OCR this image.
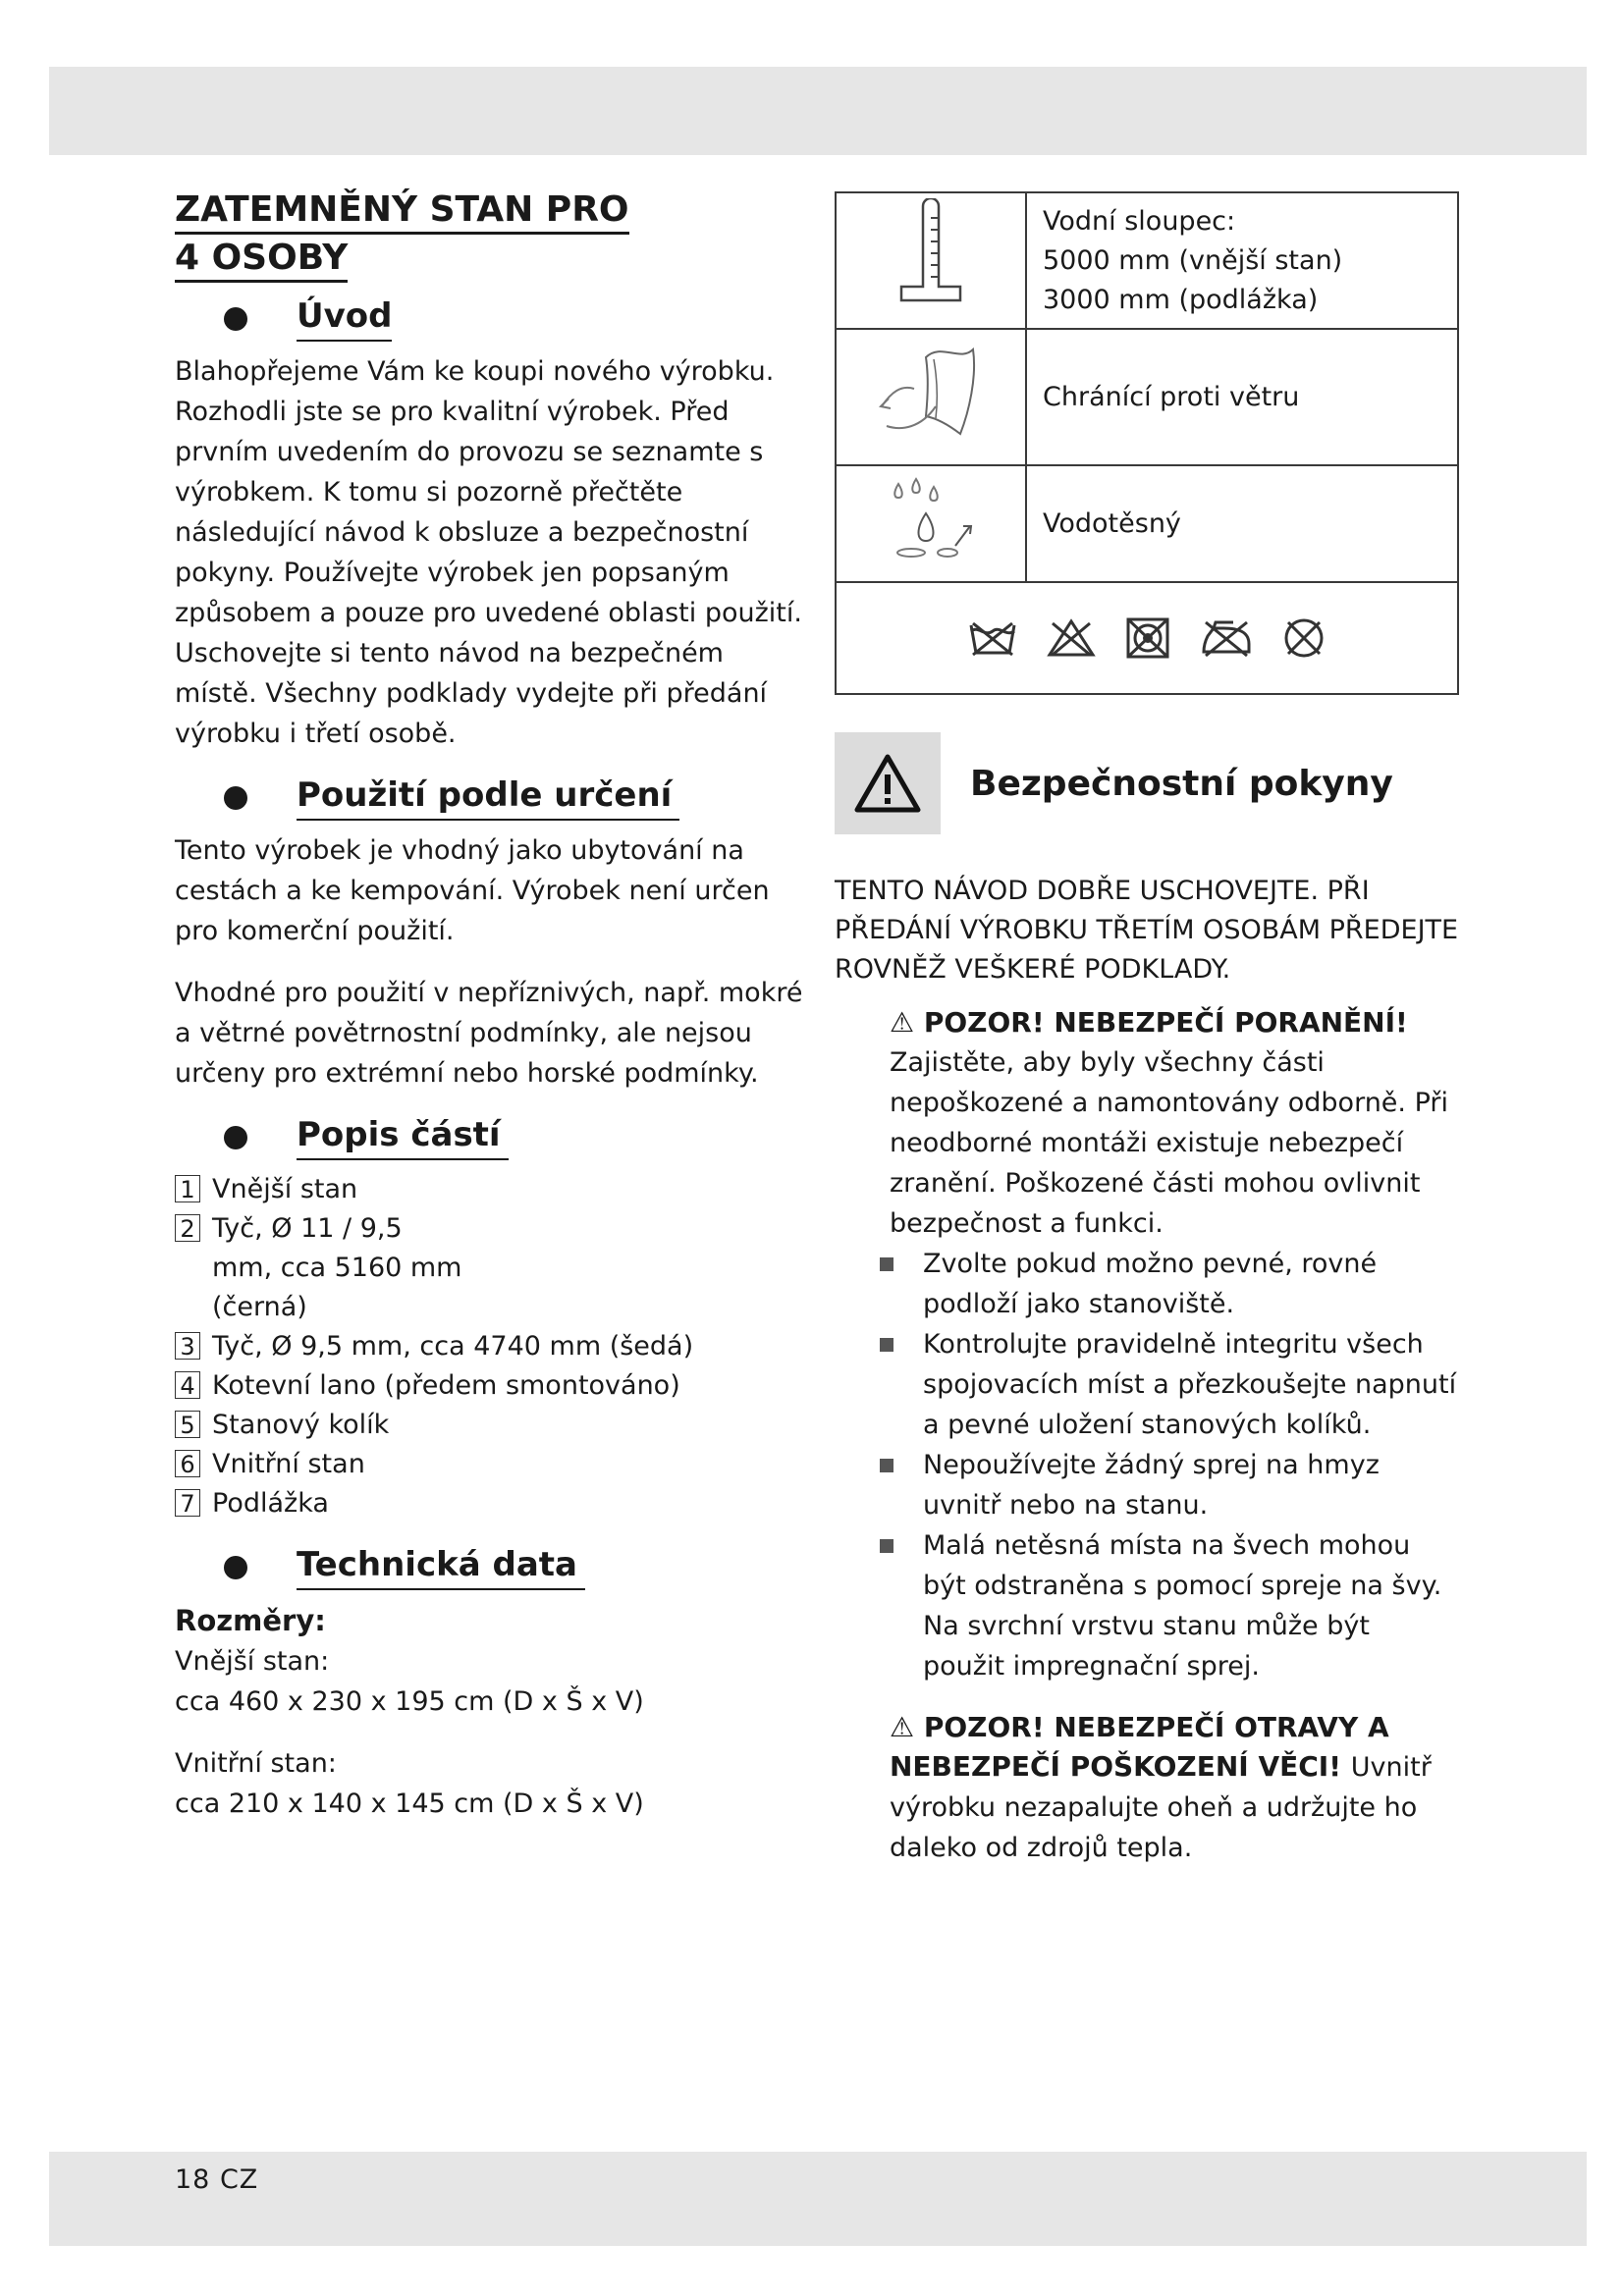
ZATEMNĚNÝ STAN PRO
4 OSOBY
Úvod

Blahopřejeme Vám ke koupi nového výrobku. Rozhodli jste se pro kvalitní výrobek. Před prvním uvedením do provozu se seznamte s výrobkem. K tomu si pozorně přečtěte následující návod k obsluze a bezpečnostní pokyny. Používejte výrobek jen popsaným způsobem a pouze pro uvedené oblasti použití. Uschovejte si tento návod na bezpečném místě. Všechny podklady vydejte při předání výrobku i třetí osobě.

Použití podle určení

Tento výrobek je vhodný jako ubytování na cestách a ke kempování. Výrobek není určen pro komerční použití.

Vhodné pro použití v nepříznivých, např. mokré a větrné povětrnostní podmínky, ale nejsou určeny pro extrémní nebo horské podmínky.

Popis částí
1 Vnější stan
2 Tyč, Ø 11 / 9,5 mm, cca 5160 mm (černá)
3 Tyč, Ø 9,5 mm, cca 4740 mm (šedá)
4 Kotevní lano (předem smontováno)
5 Stanový kolík
6 Vnitřní stan
7 Podlážka
Technická data
Rozměry:

Vnější stan:

cca 460 x 230 x 195 cm (D x Š x V)

Vnitřní stan:

cca 210 x 140 x 145 cm (D x Š x V)

Vodní sloupec:
5000 mm (vnější stan)
3000 mm (podlážka)

	Chránící proti větru
	Vodotěsný

Bezpečnostní pokyny
TENTO NÁVOD DOBŘE USCHOVEJTE. PŘI PŘEDÁNÍ VÝROBKU TŘETÍM OSOBÁM PŘEDEJTE ROVNĚŽ VEŠKERÉ PODKLADY.
⚠ POZOR! NEBEZPEČÍ PORANĚNÍ!

Zajistěte, aby byly všechny části nepoškozené a namontovány odborně. Při neodborné montáži existuje nebezpečí zranění. Poškozené části mohou ovlivnit bezpečnost a funkci.

Zvolte pokud možno pevné, rovné podloží jako stanoviště.
Kontrolujte pravidelně integritu všech spojovacích míst a přezkoušejte napnutí a pevné uložení stanových kolíků.
Nepoužívejte žádný sprej na hmyz uvnitř nebo na stanu.
Malá netěsná místa na švech mohou být odstraněna s pomocí spreje na švy. Na svrchní vrstvu stanu může být použit impregnační sprej.
⚠ POZOR! NEBEZPEČÍ OTRAVY A NEBEZPEČÍ POŠKOZENÍ VĚCI! Uvnitř výrobku nezapalujte oheň a udržujte ho daleko od zdrojů tepla.
18 CZ
